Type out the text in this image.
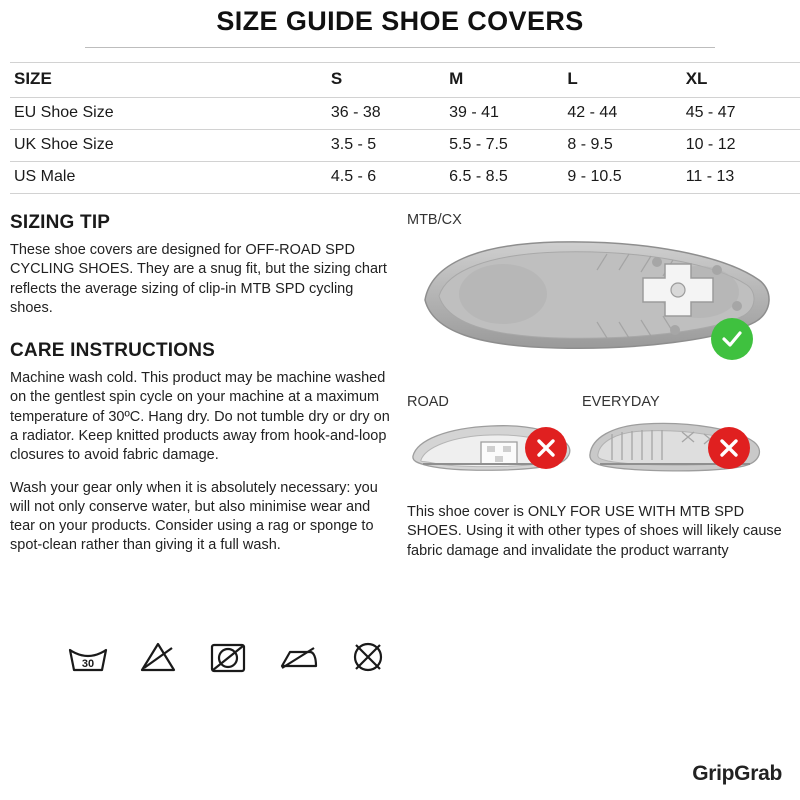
SIZE GUIDE SHOE COVERS
SIZE	S	M	L	XL
EU Shoe Size	36 - 38	39 - 41	42 - 44	45 - 47
UK Shoe Size	3.5 - 5	5.5 - 7.5	8 - 9.5	10 - 12
US Male	4.5 - 6	6.5 - 8.5	9 - 10.5	11 - 13
SIZING TIP

These shoe covers are designed for OFF-ROAD SPD CYCLING SHOES. They are a snug fit, but the sizing chart reflects the average sizing of clip-in MTB SPD cycling shoes.

CARE INSTRUCTIONS

Machine wash cold. This product may be machine washed on the gentlest spin cycle on your machine at a maximum temperature of 30ºC. Hang dry. Do not tumble dry or dry on a radiator. Keep knitted products away from hook-and-loop closures to avoid fabric damage.

Wash your gear only when it is absolutely necessary: you will not only conserve water, but also minimise wear and tear on your products. Consider using a rag or sponge to spot-clean rather than giving it a full wash.

MTB/CX
ROAD	EVERYDAY

This shoe cover is ONLY FOR USE WITH MTB SPD SHOES. Using it with other types of shoes will likely cause fabric damage and invalidate the product warranty

30
GripGrab
